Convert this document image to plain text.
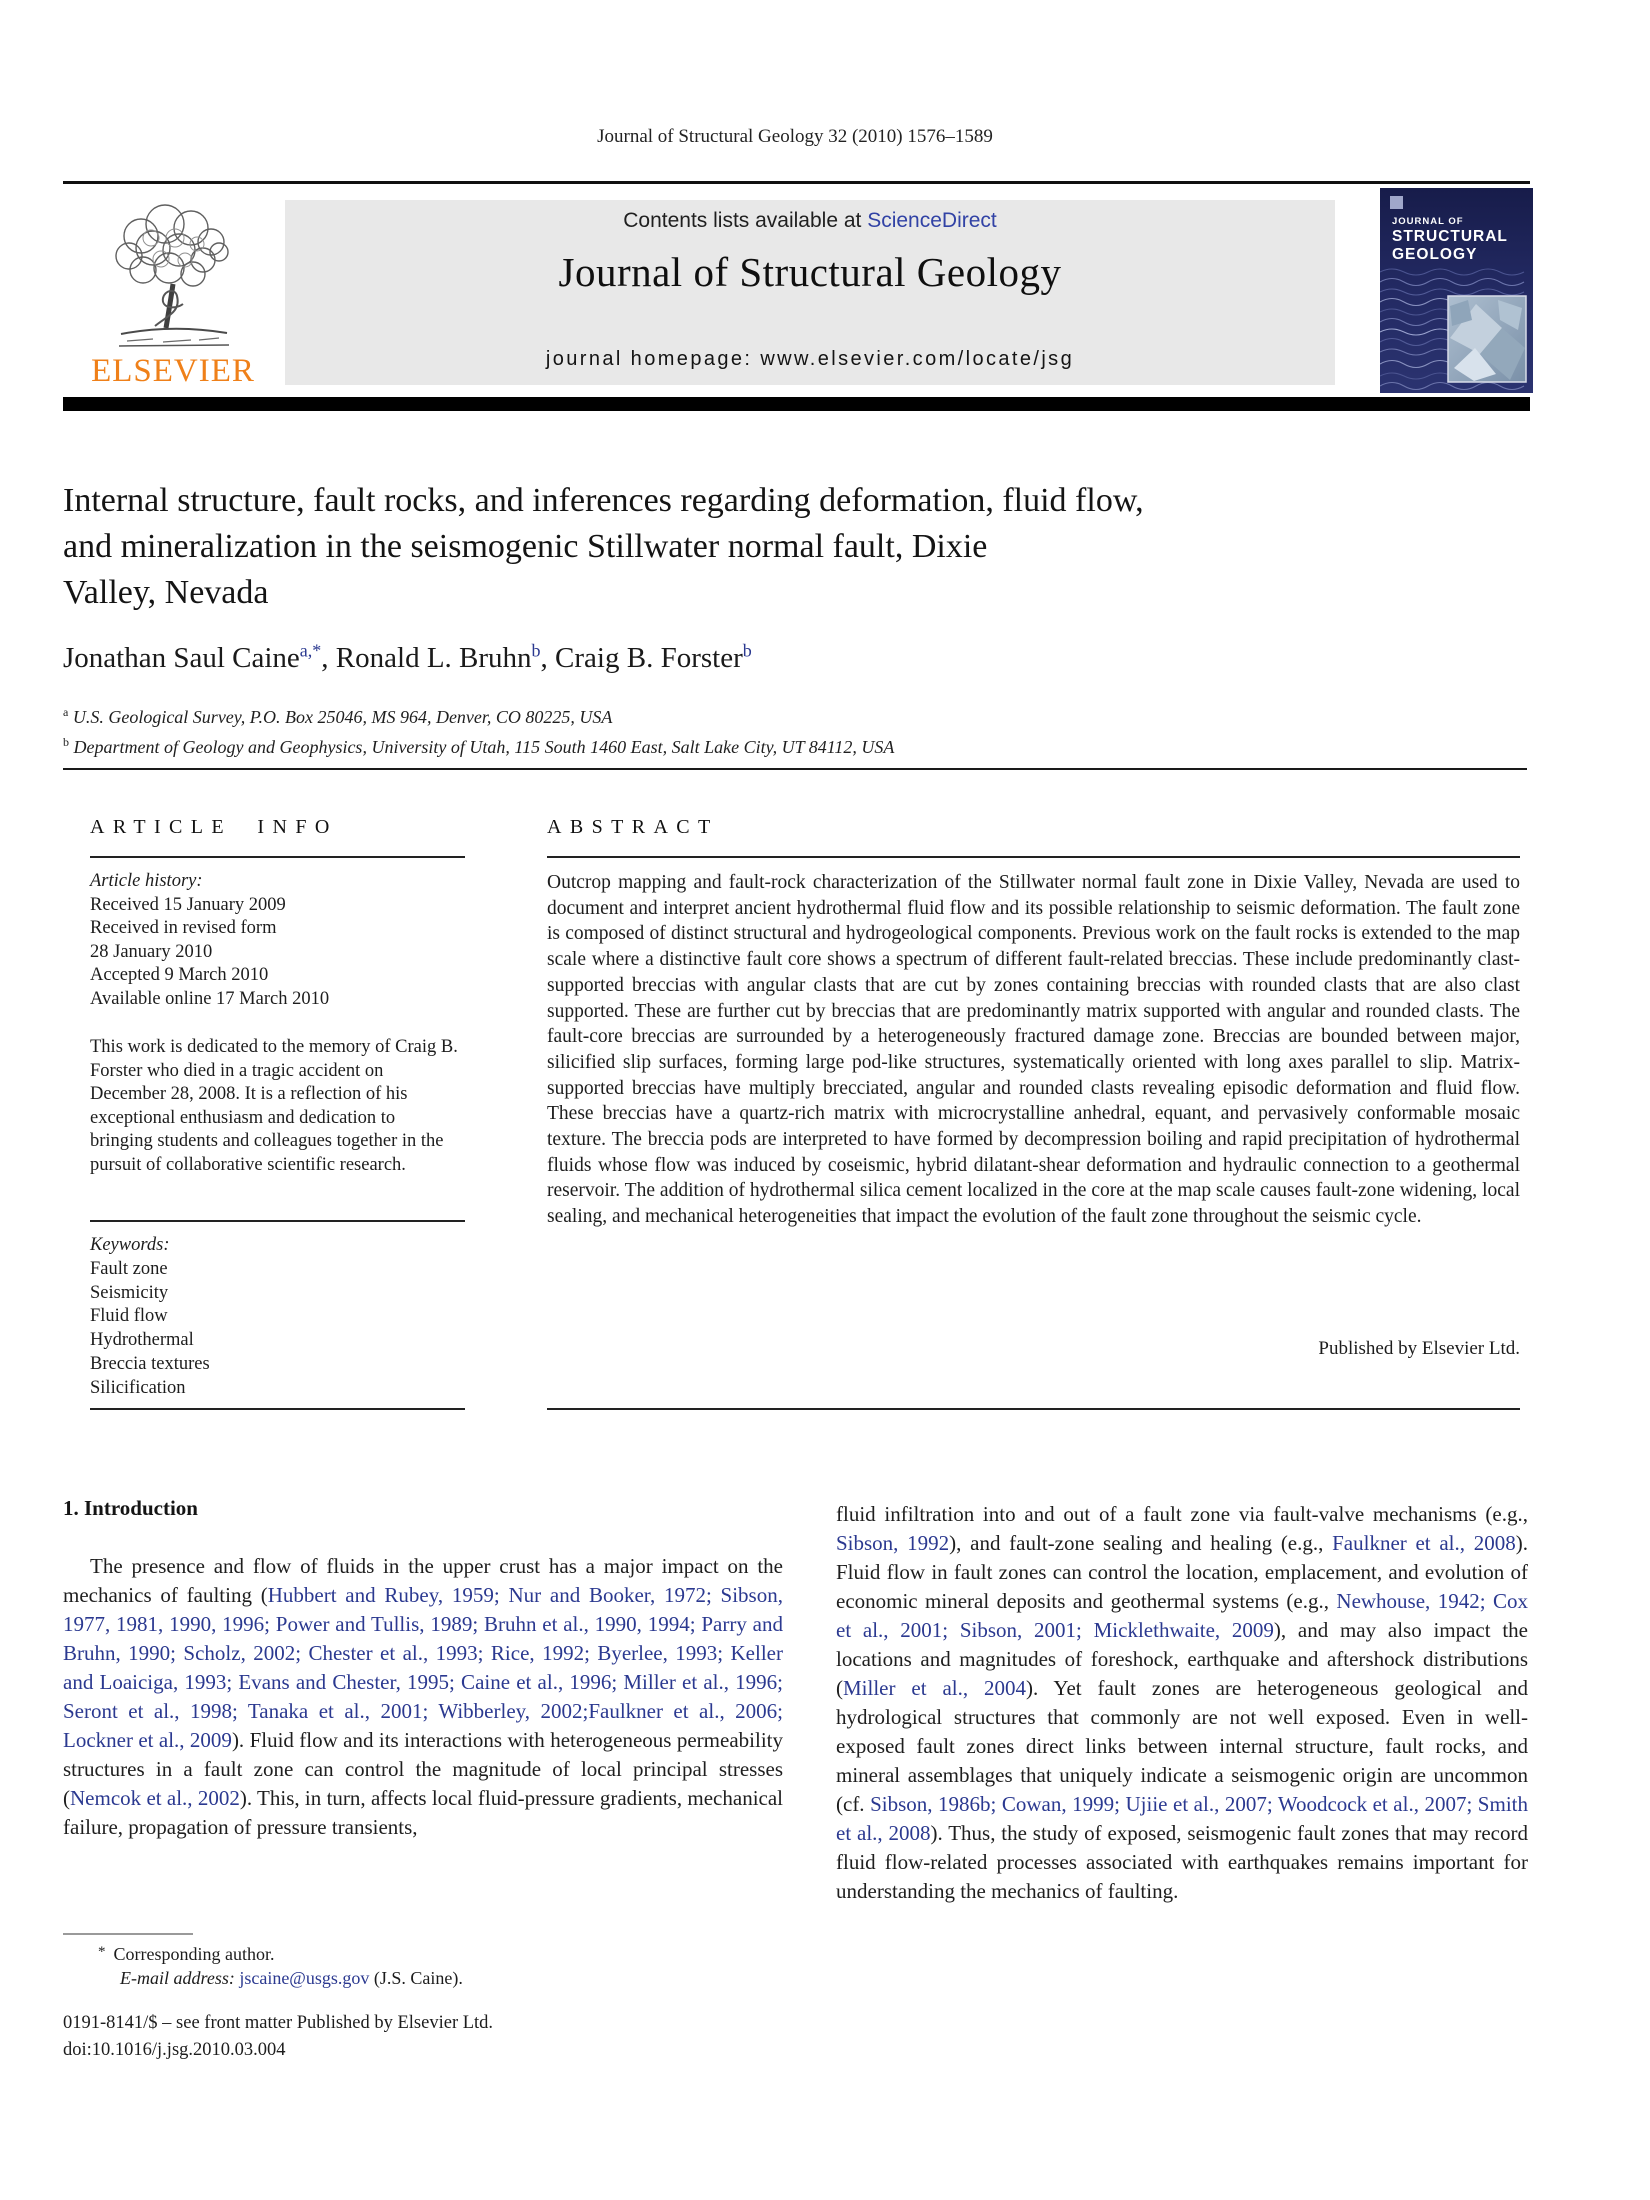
Journal of Structural Geology 32 (2010) 1576–1589
Contents lists available at ScienceDirect
Journal of Structural Geology
journal homepage: www.elsevier.com/locate/jsg
ELSEVIER
JOURNAL OF
STRUCTURAL
GEOLOGY
Internal structure, fault rocks, and inferences regarding deformation, fluid flow,
and mineralization in the seismogenic Stillwater normal fault, Dixie
Valley, Nevada
Jonathan Saul Caine$^{a,*}$, Ronald L. Bruhn$^b$, Craig B. Forster$^b$
$^a$ U.S. Geological Survey, P.O. Box 25046, MS 964, Denver, CO 80225, USA
$^b$ Department of Geology and Geophysics, University of Utah, 115 South 1460 East, Salt Lake City, UT 84112, USA
ARTICLE INFO
Article history:
Received 15 January 2009
Received in revised form
28 January 2010
Accepted 9 March 2010
Available online 17 March 2010
This work is dedicated to the memory of Craig B. Forster who died in a tragic accident on December 28, 2008. It is a reflection of his exceptional enthusiasm and dedication to bringing students and colleagues together in the pursuit of collaborative scientific research.
Keywords:
Fault zone
Seismicity
Fluid flow
Hydrothermal
Breccia textures
Silicification
ABSTRACT
Outcrop mapping and fault-rock characterization of the Stillwater normal fault zone in Dixie Valley, Nevada are used to document and interpret ancient hydrothermal fluid flow and its possible relationship to seismic deformation. The fault zone is composed of distinct structural and hydrogeological components. Previous work on the fault rocks is extended to the map scale where a distinctive fault core shows a spectrum of different fault-related breccias. These include predominantly clast-supported breccias with angular clasts that are cut by zones containing breccias with rounded clasts that are also clast supported. These are further cut by breccias that are predominantly matrix supported with angular and rounded clasts. The fault-core breccias are surrounded by a heterogeneously fractured damage zone. Breccias are bounded between major, silicified slip surfaces, forming large pod-like structures, systematically oriented with long axes parallel to slip. Matrix-supported breccias have multiply brecciated, angular and rounded clasts revealing episodic deformation and fluid flow. These breccias have a quartz-rich matrix with microcrystalline anhedral, equant, and pervasively conformable mosaic texture. The breccia pods are interpreted to have formed by decompression boiling and rapid precipitation of hydrothermal fluids whose flow was induced by coseismic, hybrid dilatant-shear deformation and hydraulic connection to a geothermal reservoir. The addition of hydrothermal silica cement localized in the core at the map scale causes fault-zone widening, local sealing, and mechanical heterogeneities that impact the evolution of the fault zone throughout the seismic cycle.
Published by Elsevier Ltd.
1. Introduction
The presence and flow of fluids in the upper crust has a major impact on the mechanics of faulting (Hubbert and Rubey, 1959; Nur and Booker, 1972; Sibson, 1977, 1981, 1990, 1996; Power and Tullis, 1989; Bruhn et al., 1990, 1994; Parry and Bruhn, 1990; Scholz, 2002; Chester et al., 1993; Rice, 1992; Byerlee, 1993; Keller and Loaiciga, 1993; Evans and Chester, 1995; Caine et al., 1996; Miller et al., 1996; Seront et al., 1998; Tanaka et al., 2001; Wibberley, 2002;Faulkner et al., 2006; Lockner et al., 2009). Fluid flow and its interactions with heterogeneous permeability structures in a fault zone can control the magnitude of local principal stresses (Nemcok et al., 2002). This, in turn, affects local fluid-pressure gradients, mechanical failure, propagation of pressure transients,
fluid infiltration into and out of a fault zone via fault-valve mechanisms (e.g., Sibson, 1992), and fault-zone sealing and healing (e.g., Faulkner et al., 2008). Fluid flow in fault zones can control the location, emplacement, and evolution of economic mineral deposits and geothermal systems (e.g., Newhouse, 1942; Cox et al., 2001; Sibson, 2001; Micklethwaite, 2009), and may also impact the locations and magnitudes of foreshock, earthquake and aftershock distributions (Miller et al., 2004). Yet fault zones are heterogeneous geological and hydrological structures that commonly are not well exposed. Even in well-exposed fault zones direct links between internal structure, fault rocks, and mineral assemblages that uniquely indicate a seismogenic origin are uncommon (cf. Sibson, 1986b; Cowan, 1999; Ujiie et al., 2007; Woodcock et al., 2007; Smith et al., 2008). Thus, the study of exposed, seismogenic fault zones that may record fluid flow-related processes associated with earthquakes remains important for understanding the mechanics of faulting.
* Corresponding author.
E-mail address: jscaine@usgs.gov (J.S. Caine).
0191-8141/$ – see front matter Published by Elsevier Ltd.
doi:10.1016/j.jsg.2010.03.004
